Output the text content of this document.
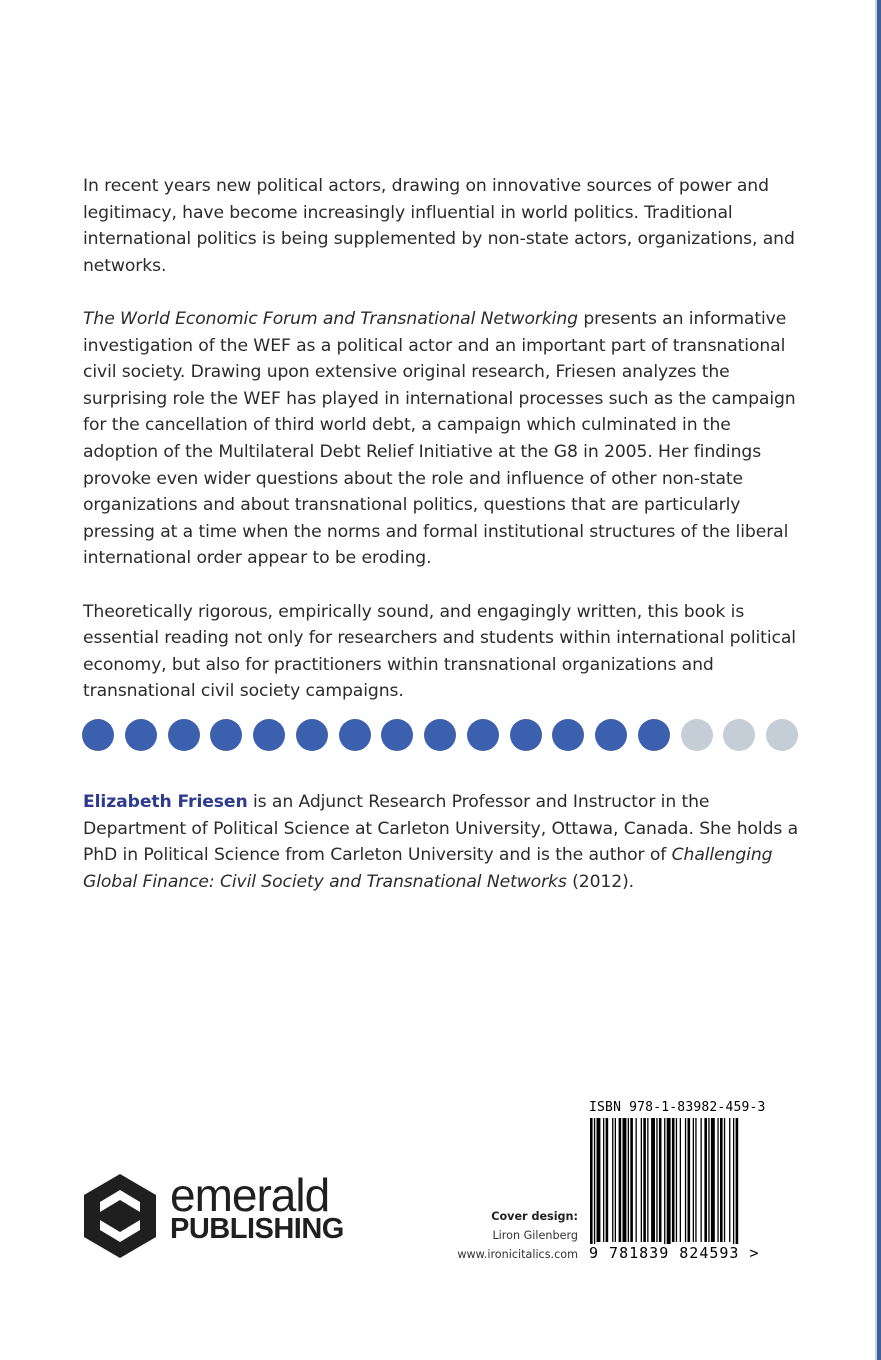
In recent years new political actors, drawing on innovative sources of power and legitimacy, have become increasingly influential in world politics. Traditional international politics is being supplemented by non-state actors, organizations, and networks.

The World Economic Forum and Transnational Networking presents an informative investigation of the WEF as a political actor and an important part of transnational civil society. Drawing upon extensive original research, Friesen analyzes the surprising role the WEF has played in international processes such as the campaign for the cancellation of third world debt, a campaign which culminated in the adoption of the Multilateral Debt Relief Initiative at the G8 in 2005. Her findings provoke even wider questions about the role and influence of other non-state organizations and about transnational politics, questions that are particularly pressing at a time when the norms and formal institutional structures of the liberal international order appear to be eroding.

Theoretically rigorous, empirically sound, and engagingly written, this book is essential reading not only for researchers and students within international political economy, but also for practitioners within transnational organizations and transnational civil society campaigns.

Elizabeth Friesen is an Adjunct Research Professor and Instructor in the Department of Political Science at Carleton University, Ottawa, Canada. She holds a PhD in Political Science from Carleton University and is the author of Challenging Global Finance: Civil Society and Transnational Networks (2012).
emerald
PUBLISHING	Cover design:
Liron Gilenberg
www.ironicitalics.com
ISBN 978-1-83982-459-3
9 781839 824593 >
